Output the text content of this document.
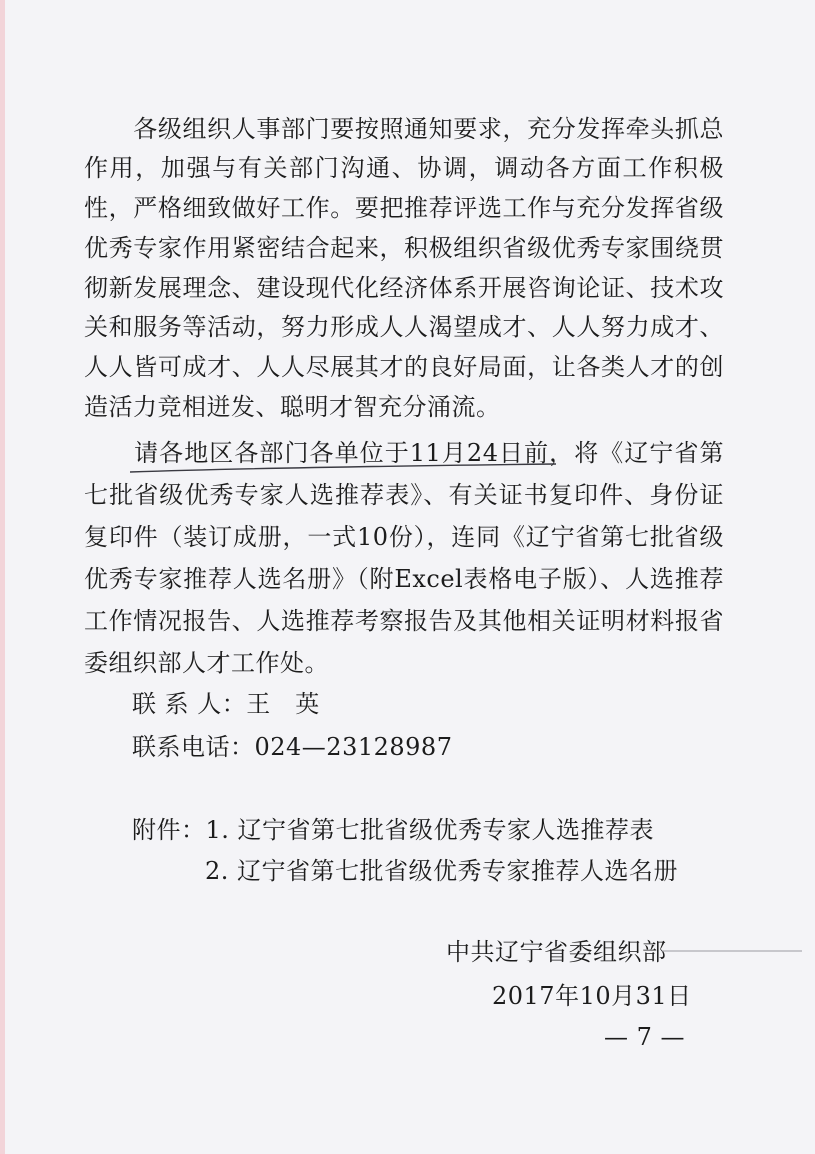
　　各级组织人事部门要按照通知要求，充分发挥牵头抓总
作用，加强与有关部门沟通、协调，调动各方面工作积极
性，严格细致做好工作。要把推荐评选工作与充分发挥省级
优秀专家作用紧密结合起来，积极组织省级优秀专家围绕贯
彻新发展理念、建设现代化经济体系开展咨询论证、技术攻
关和服务等活动，努力形成人人渴望成才、人人努力成才、
人人皆可成才、人人尽展其才的良好局面，让各类人才的创
造活力竞相迸发、聪明才智充分涌流。
　　请各地区各部门各单位于11月24日前，将《辽宁省第
七批省级优秀专家人选推荐表》、有关证书复印件、身份证
复印件（装订成册，一式10份），连同《辽宁省第七批省级
优秀专家推荐人选名册》（附Excel表格电子版）、人选推荐
工作情况报告、人选推荐考察报告及其他相关证明材料报省
委组织部人才工作处。
联 系 人：王　英
联系电话：024—23128987
附件：1. 辽宁省第七批省级优秀专家人选推荐表
2. 辽宁省第七批省级优秀专家推荐人选名册
中共辽宁省委组织部
2017年10月31日
— 7 —
